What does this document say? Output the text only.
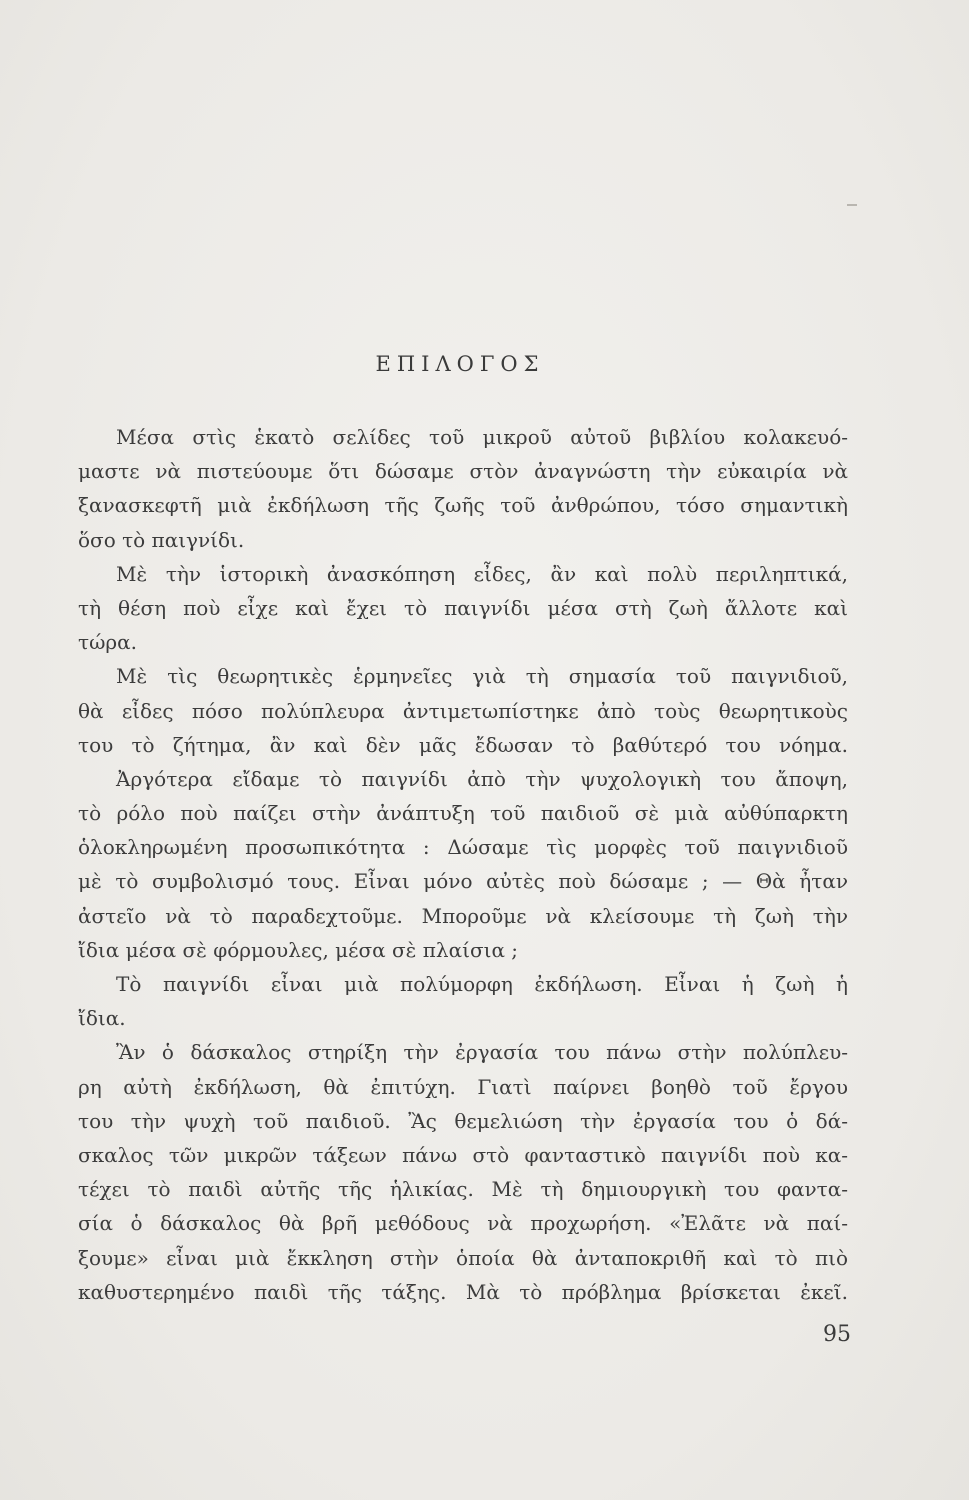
ΕΠΙΛΟΓΟΣ
Μέσα στὶς ἑκατὸ σελίδες τοῦ μικροῦ αὐτοῦ βιβλίου κολακευό-
μαστε νὰ πιστεύουμε ὅτι δώσαμε στὸν ἀναγνώστη τὴν εὐκαιρία νὰ
ξανασκεφτῆ μιὰ ἐκδήλωση τῆς ζωῆς τοῦ ἀνθρώπου, τόσο σημαντικὴ
ὅσο τὸ παιγνίδι.
Μὲ τὴν ἱστορικὴ ἀνασκόπηση εἶδες, ἂν καὶ πολὺ περιληπτικά,
τὴ θέση ποὺ εἶχε καὶ ἔχει τὸ παιγνίδι μέσα στὴ ζωὴ ἄλλοτε καὶ
τώρα.
Μὲ τὶς θεωρητικὲς ἑρμηνεῖες γιὰ τὴ σημασία τοῦ παιγνιδιοῦ,
θὰ εἶδες πόσο πολύπλευρα ἀντιμετωπίστηκε ἀπὸ τοὺς θεωρητικοὺς
του τὸ ζήτημα, ἂν καὶ δὲν μᾶς ἔδωσαν τὸ βαθύτερό του νόημα.
Ἀργότερα εἴδαμε τὸ παιγνίδι ἀπὸ τὴν ψυχολογικὴ του ἄποψη,
τὸ ρόλο ποὺ παίζει στὴν ἀνάπτυξη τοῦ παιδιοῦ σὲ μιὰ αὐθύπαρκτη
ὁλοκληρωμένη προσωπικότητα : Δώσαμε τὶς μορφὲς τοῦ παιγνιδιοῦ
μὲ τὸ συμβολισμό τους. Εἶναι μόνο αὐτὲς ποὺ δώσαμε ; — Θὰ ἦταν
ἀστεῖο νὰ τὸ παραδεχτοῦμε. Μποροῦμε νὰ κλείσουμε τὴ ζωὴ τὴν
ἴδια μέσα σὲ φόρμουλες, μέσα σὲ πλαίσια ;
Τὸ παιγνίδι εἶναι μιὰ πολύμορφη ἐκδήλωση. Εἶναι ἡ ζωὴ ἡ
ἴδια.
Ἂν ὁ δάσκαλος στηρίξη τὴν ἐργασία του πάνω στὴν πολύπλευ-
ρη αὐτὴ ἐκδήλωση, θὰ ἐπιτύχη. Γιατὶ παίρνει βοηθὸ τοῦ ἔργου
του τὴν ψυχὴ τοῦ παιδιοῦ. Ἂς θεμελιώση τὴν ἐργασία του ὁ δά-
σκαλος τῶν μικρῶν τάξεων πάνω στὸ φανταστικὸ παιγνίδι ποὺ κα-
τέχει τὸ παιδὶ αὐτῆς τῆς ἡλικίας. Μὲ τὴ δημιουργικὴ του φαντα-
σία ὁ δάσκαλος θὰ βρῆ μεθόδους νὰ προχωρήση. «Ἐλᾶτε νὰ παί-
ξουμε» εἶναι μιὰ ἔκκληση στὴν ὁποία θὰ ἀνταποκριθῆ καὶ τὸ πιὸ
καθυστερημένο παιδὶ τῆς τάξης. Μὰ τὸ πρόβλημα βρίσκεται ἐκεῖ.
95
